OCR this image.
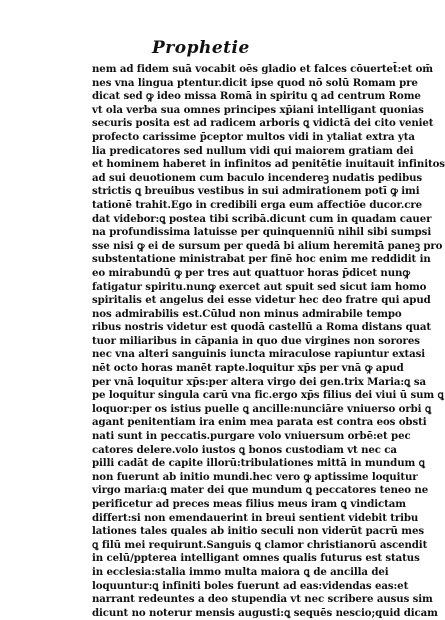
Prophetie
nem ad fidem suā vocabit oēs gladio et falces cōuertet̄:et om̄
nes vna lingua ptentur.dicit ipse quod nō solū Romam pre
dicat sed ꝙ ideo missa Romā in spiritu ꝗ ad centrum Rome
vt ola verba sua omnes principes xp̄iani intelligant quonias
securis posita est ad radicem arboris ꝗ vidictā dei cito veniet
profecto carissime p̄ceptor multos vidi in ytaliat extra yta
lia predicatores sed nullum vidi qui maiorem gratiam dei
et hominem haberet in infinitos ad penitētie inuitauit infinitos
ad sui deuotionem cum baculo incendereꝫ nudatis pedibus
strictis ꝗ breuibus vestibus in sui admirationem potī ꝙ imi
tationē trahit.Ego in credibili erga eum affectiōe ducor.cre
dat videbor:ꝗ postea tibi scribā.dicunt cum in quadam cauer
na profundissima latuisse per quinquenniū nihil sibi sumpsi
sse nisi ꝙ ei de sursum per quedā bi alium heremitā paneꝫ pro
substentatione ministrabat per finē hoc enim me reddidit in
eo mirabundū ꝙ per tres aut quattuor horas p̄dicet nunꝙ
fatigatur spiritu.nunꝙ exercet aut spuit sed sicut iam homo
spiritalis et angelus dei esse videtur hec deo fratre qui apud
nos admirabilis est.Cūlud non minus admirabile tempo
ribus nostris videtur est quodā castellū a Roma distans quat
tuor miliaribus in cāpania in quo due virgines non sorores
nec vna alteri sanguinis iuncta miraculose rapiuntur extasi
nēt octo horas manēt rapte.loquitur xp̄s per vnā ꝙ apud
per vnā loquitur xp̄s:per altera virgo dei gen.trix Maria:ꝗ sa
pe loquitur singula carū vna fic.ergo xp̄s filius dei viui ū sum ꝗ
loquor:per os istius puelle ꝗ ancille:nunciāre vniuerso orbi ꝗ
agant penitentiam ira enim mea parata est contra eos obsti
nati sunt in peccatis.purgare volo vniuersum orbē:et pec
catores delere.volo iustos ꝗ bonos custodiam vt nec ca
pilli cadāt de capite illorū:tribulationes mittā in mundum ꝗ
non fuerunt ab initio mundi.hec vero ꝙ aptissime loquitur
virgo maria:ꝗ mater dei que mundum ꝗ peccatores teneo ne
perificetur ad preces meas filius meus iram ꝗ vindictam
differt:si non emendauerint in breui sentient videbit tribu
lationes tales quales ab initio seculi non viderūt pacrū mes
ꝗ filū mei requirunt.Sanguis ꝗ clamor christianorū ascendit
in celū/ppterea intelligant omnes qualis futurus est status
in ecclesia:stalia immo multa maiora ꝗ de ancilla dei
loquuntur:ꝗ infiniti boles fuerunt ad eas:videndas eas:et
narrant redeuntes a deo stupendia vt nec scribere ausus sim
dicunt no noterur mensis augusti:ꝗ sequēs nescio;quid dicam
